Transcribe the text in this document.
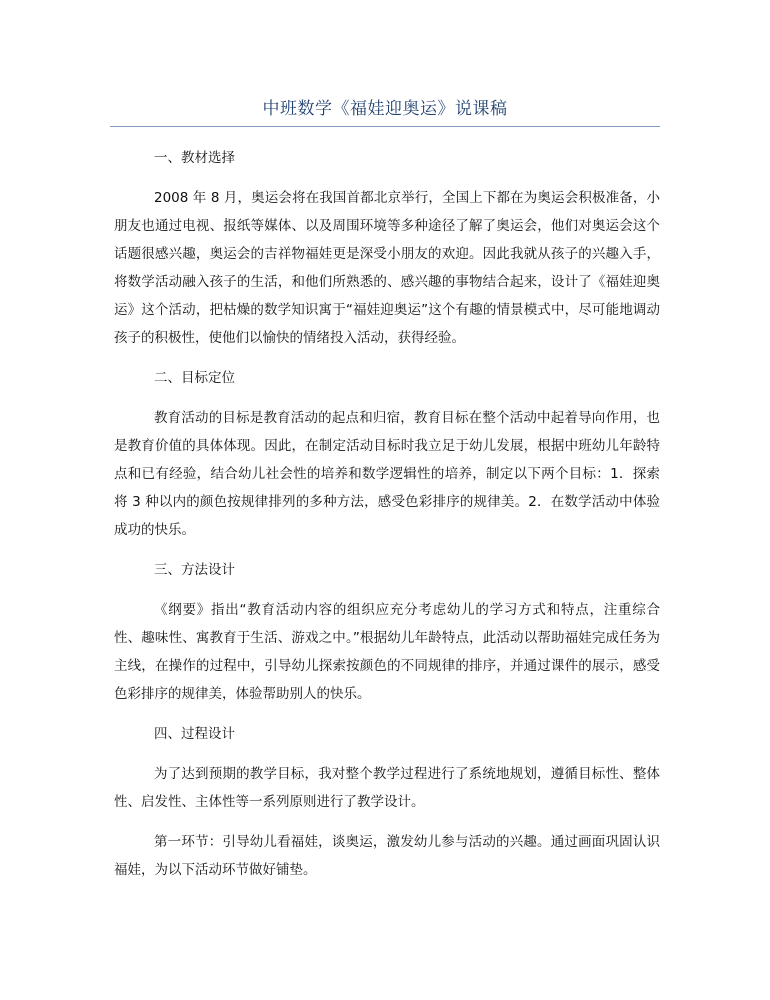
中班数学《福娃迎奥运》说课稿

一、教材选择

2008 年 8 月，奥运会将在我国首都北京举行，全国上下都在为奥运会积极准备，小朋友也通过电视、报纸等媒体、以及周围环境等多种途径了解了奥运会，他们对奥运会这个话题很感兴趣，奥运会的吉祥物福娃更是深受小朋友的欢迎。因此我就从孩子的兴趣入手，将数学活动融入孩子的生活，和他们所熟悉的、感兴趣的事物结合起来，设计了《福娃迎奥运》这个活动，把枯燥的数学知识寓于“福娃迎奥运”这个有趣的情景模式中，尽可能地调动孩子的积极性，使他们以愉快的情绪投入活动，获得经验。

二、目标定位

教育活动的目标是教育活动的起点和归宿，教育目标在整个活动中起着导向作用，也是教育价值的具体体现。因此，在制定活动目标时我立足于幼儿发展，根据中班幼儿年龄特点和已有经验，结合幼儿社会性的培养和数学逻辑性的培养，制定以下两个目标：1．探索将 3 种以内的颜色按规律排列的多种方法，感受色彩排序的规律美。2．在数学活动中体验成功的快乐。

三、方法设计

《纲要》指出“教育活动内容的组织应充分考虑幼儿的学习方式和特点，注重综合性、趣味性、寓教育于生活、游戏之中。”根据幼儿年龄特点，此活动以帮助福娃完成任务为主线，在操作的过程中，引导幼儿探索按颜色的不同规律的排序，并通过课件的展示，感受色彩排序的规律美，体验帮助别人的快乐。

四、过程设计

为了达到预期的教学目标，我对整个教学过程进行了系统地规划，遵循目标性、整体性、启发性、主体性等一系列原则进行了教学设计。

第一环节：引导幼儿看福娃，谈奥运，激发幼儿参与活动的兴趣。通过画面巩固认识福娃，为以下活动环节做好铺垫。
